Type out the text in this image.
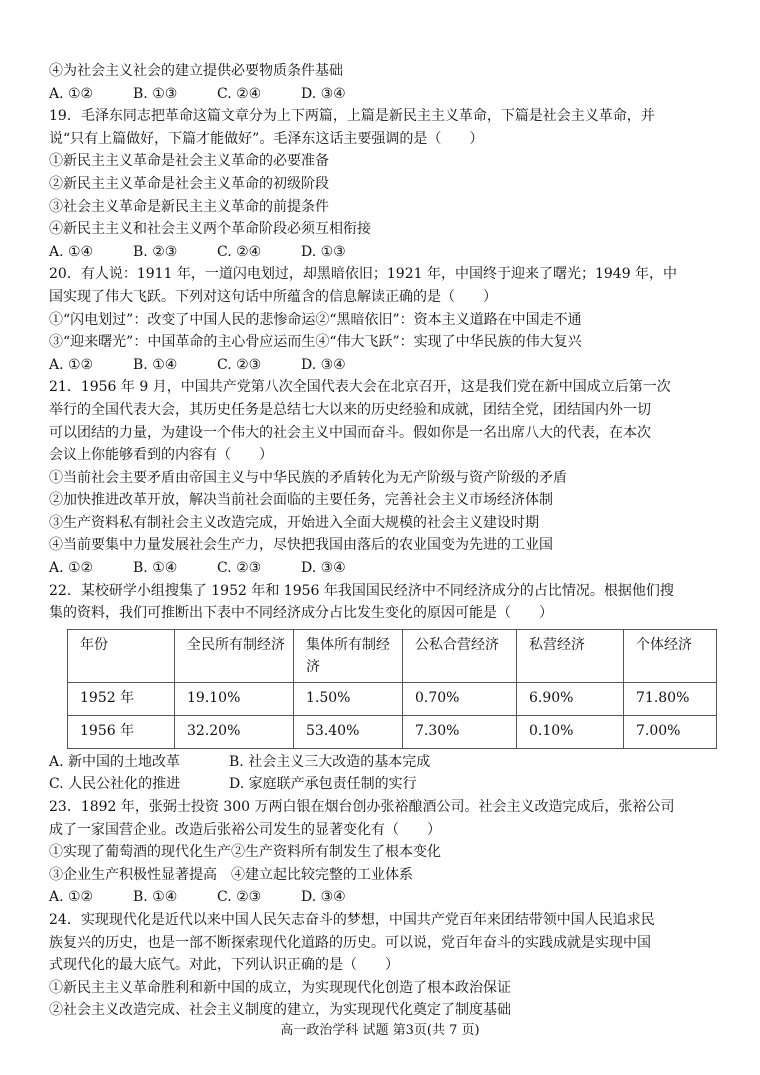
④为社会主义社会的建立提供必要物质条件基础
A. ①②	B. ①③	C. ②④	D. ③④
19．毛泽东同志把革命这篇文章分为上下两篇，上篇是新民主主义革命，下篇是社会主义革命，并
说“只有上篇做好，下篇才能做好”。毛泽东这话主要强调的是（　　）
①新民主主义革命是社会主义革命的必要准备
②新民主主义革命是社会主义革命的初级阶段
③社会主义革命是新民主主义革命的前提条件
④新民主主义和社会主义两个革命阶段必须互相衔接
A. ①④	B. ②③	C. ②④	D. ①③
20．有人说：1911 年，一道闪电划过，却黑暗依旧；1921 年，中国终于迎来了曙光；1949 年，中
国实现了伟大飞跃。下列对这句话中所蕴含的信息解读正确的是（　　）
①“闪电划过”：改变了中国人民的悲惨命运②“黑暗依旧”：资本主义道路在中国走不通
③“迎来曙光”：中国革命的主心骨应运而生④“伟大飞跃”：实现了中华民族的伟大复兴
A. ①②	B. ①④	C. ②③	D. ③④
21．1956 年 9 月，中国共产党第八次全国代表大会在北京召开，这是我们党在新中国成立后第一次
举行的全国代表大会，其历史任务是总结七大以来的历史经验和成就，团结全党，团结国内外一切
可以团结的力量，为建设一个伟大的社会主义中国而奋斗。假如你是一名出席八大的代表，在本次
会议上你能够看到的内容有（　　）
①当前社会主要矛盾由帝国主义与中华民族的矛盾转化为无产阶级与资产阶级的矛盾
②加快推进改革开放，解决当前社会面临的主要任务，完善社会主义市场经济体制
③生产资料私有制社会主义改造完成，开始进入全面大规模的社会主义建设时期
④当前要集中力量发展社会生产力，尽快把我国由落后的农业国变为先进的工业国
A. ①②	B. ①④	C. ②③	D. ③④
22．某校研学小组搜集了 1952 年和 1956 年我国国民经济中不同经济成分的占比情况。根据他们搜
集的资料，我们可推断出下表中不同经济成分占比发生变化的原因可能是（　　）
年份	全民所有制经济	集体所有制经济	公私合营经济	私营经济	个体经济
1952 年	19.10%	1.50%	0.70%	6.90%	71.80%
1956 年	32.20%	53.40%	7.30%	0.10%	7.00%
A. 新中国的土地改革	B. 社会主义三大改造的基本完成
C. 人民公社化的推进	D. 家庭联产承包责任制的实行
23．1892 年，张弼士投资 300 万两白银在烟台创办张裕酿酒公司。社会主义改造完成后，张裕公司
成了一家国营企业。改造后张裕公司发生的显著变化有（　　）
①实现了葡萄酒的现代化生产②生产资料所有制发生了根本变化
③企业生产积极性显著提高　④建立起比较完整的工业体系
A. ①②	B. ①④	C. ②③	D. ③④
24．实现现代化是近代以来中国人民矢志奋斗的梦想，中国共产党百年来团结带领中国人民追求民
族复兴的历史，也是一部不断探索现代化道路的历史。可以说，党百年奋斗的实践成就是实现中国
式现代化的最大底气。对此，下列认识正确的是（　　）
①新民主主义革命胜利和新中国的成立，为实现现代化创造了根本政治保证
②社会主义改造完成、社会主义制度的建立，为实现现代化奠定了制度基础
高一政治学科 试题 第3页(共 7 页)
